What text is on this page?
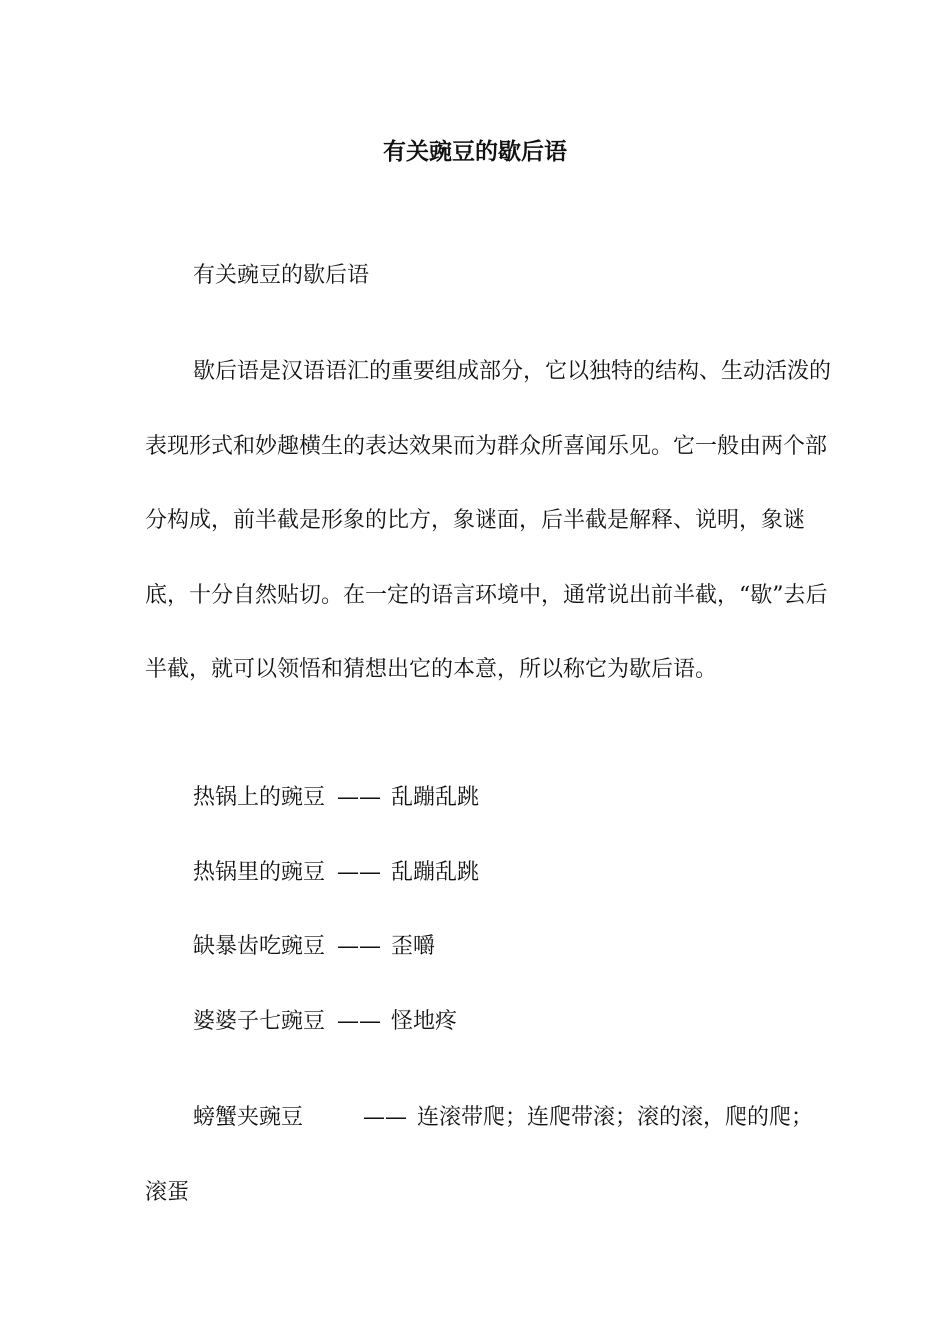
有关豌豆的歇后语

有关豌豆的歇后语

歇后语是汉语语汇的重要组成部分，它以独特的结构、生动活泼的表现形式和妙趣横生的表达效果而为群众所喜闻乐见。它一般由两个部分构成，前半截是形象的比方，象谜面，后半截是解释、说明，象谜底，十分自然贴切。在一定的语言环境中，通常说出前半截，“歇”去后半截，就可以领悟和猜想出它的本意，所以称它为歇后语。

热锅上的豌豆 —— 乱蹦乱跳

热锅里的豌豆 —— 乱蹦乱跳

缺暴齿吃豌豆 —— 歪嚼

婆婆子七豌豆 —— 怪地疼

螃蟹夹豌豆	—— 连滚带爬；连爬带滚；滚的滚，爬的爬；滚蛋
